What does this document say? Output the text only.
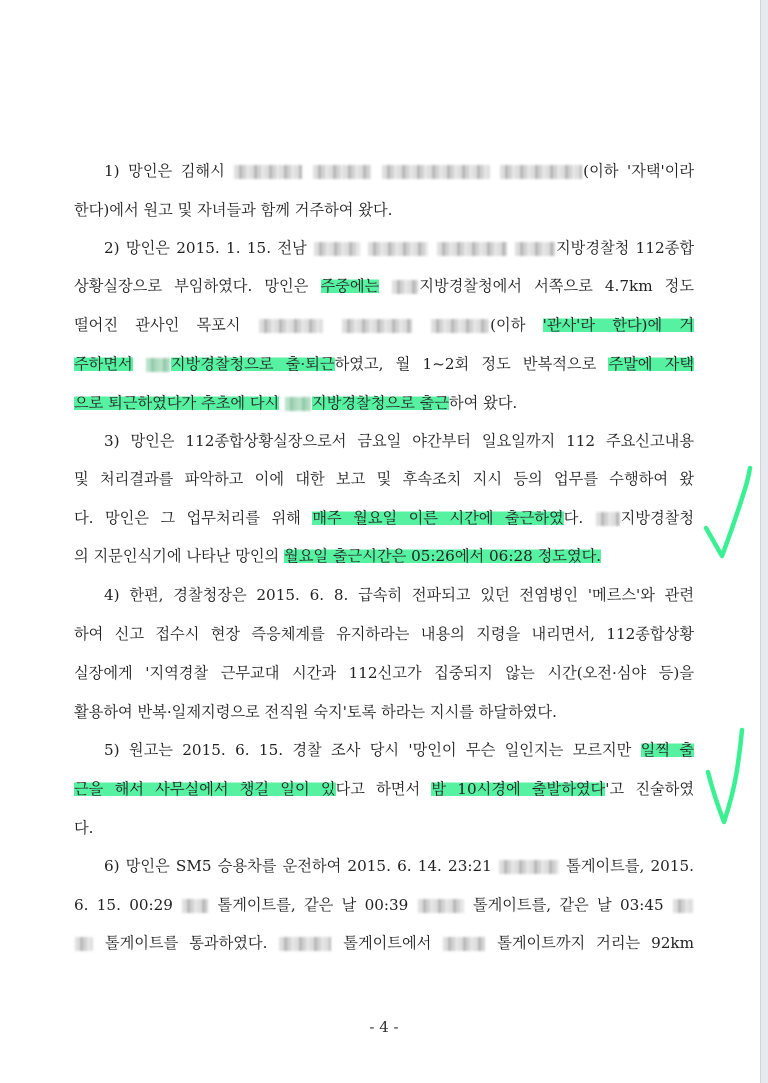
1) 망인은 김해시	(이하 '자택'이라
한다)에서 원고 및 자녀들과 함께 거주하여 왔다.
2) 망인은 2015. 1. 15. 전남	지방경찰청 112종합
상황실장으로 부임하였다. 망인은 주중에는	지방경찰청에서 서쪽으로 4.7km 정도
떨어진 관사인 목포시	(이하 '관사'라 한다)에 거
주하면서	지방경찰청으로 출·퇴근하였고, 월 1~2회 정도 반복적으로 주말에 자택
으로 퇴근하였다가 추초에 다시 지방경찰청으로 출근하여 왔다.
3) 망인은 112종합상황실장으로서 금요일 야간부터 일요일까지 112 주요신고내용
및 처리결과를 파악하고 이에 대한 보고 및 후속조치 지시 등의 업무를 수행하여 왔
다. 망인은 그 업무처리를 위해 매주 월요일 이른 시간에 출근하였다. 지방경찰청
의 지문인식기에 나타난 망인의 월요일 출근시간은 05:26에서 06:28 정도였다.
4) 한편, 경찰청장은 2015. 6. 8. 급속히 전파되고 있던 전염병인 '메르스'와 관련
하여 신고 접수시 현장 즉응체계를 유지하라는 내용의 지령을 내리면서, 112종합상황
실장에게 '지역경찰 근무교대 시간과 112신고가 집중되지 않는 시간(오전·심야 등)을
활용하여 반복·일제지령으로 전직원 숙지'토록 하라는 지시를 하달하였다.
5) 원고는 2015. 6. 15. 경찰 조사 당시 '망인이 무슨 일인지는 모르지만 일찍 출
근을 해서 사무실에서 챙길 일이 있다고 하면서 밤 10시경에 출발하였다'고 진술하였
다.
6) 망인은 SM5 승용차를 운전하여 2015. 6. 14. 23:21	톨게이트를, 2015.
6. 15. 00:29	톨게이트를, 같은 날 00:39	톨게이트를, 같은 날 03:45
톨게이트를 통과하였다.	톨게이트에서	톨게이트까지 거리는 92km
- 4 -
